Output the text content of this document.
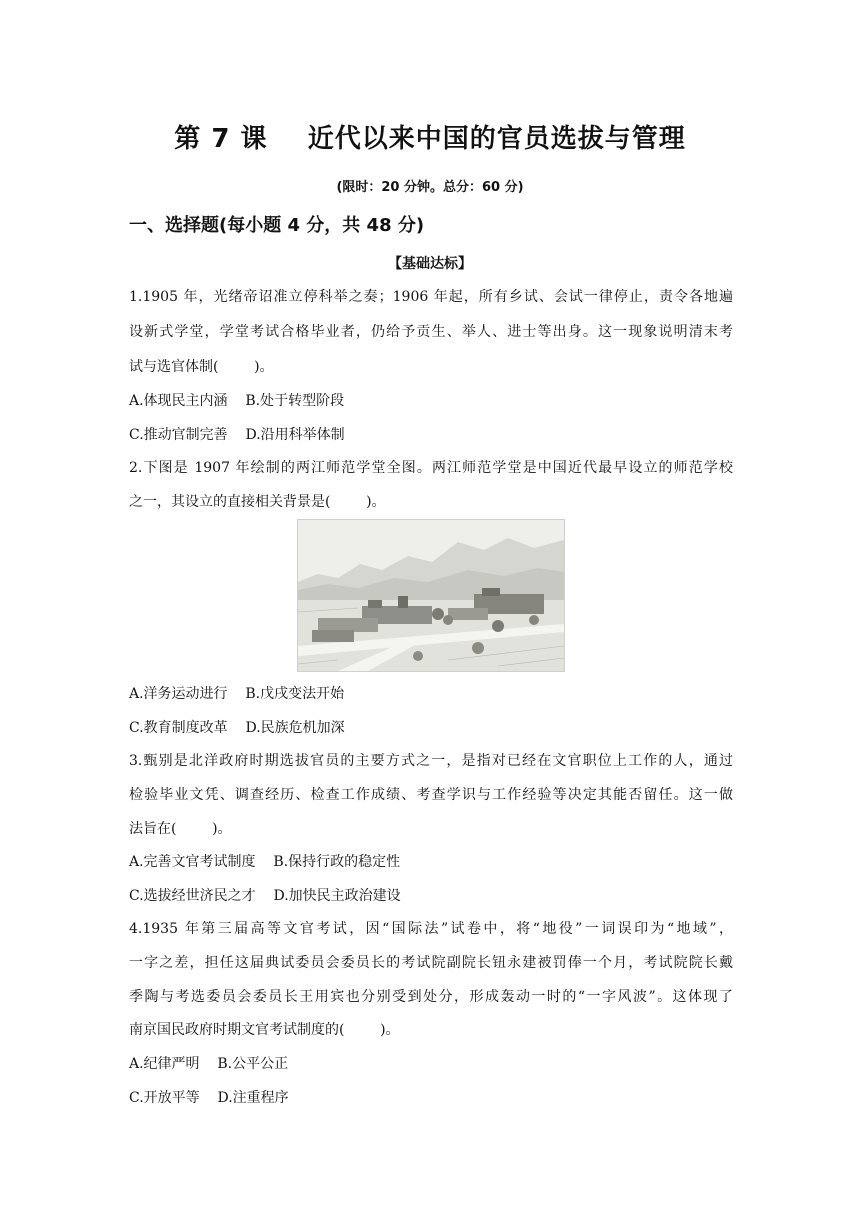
第 7 课    近代以来中国的官员选拔与管理
(限时：20 分钟。总分：60 分)
一、选择题(每小题 4 分，共 48 分)
【基础达标】
1.1905 年，光绪帝诏准立停科举之奏；1906 年起，所有乡试、会试一律停止，责令各地遍
设新式学堂，学堂考试合格毕业者，仍给予贡生、举人、进士等出身。这一现象说明清末考
试与选官体制(        )。
A.体现民主内涵    B.处于转型阶段
C.推动官制完善    D.沿用科举体制
2.下图是 1907 年绘制的两江师范学堂全图。两江师范学堂是中国近代最早设立的师范学校
之一，其设立的直接相关背景是(        )。
A.洋务运动进行    B.戊戌变法开始
C.教育制度改革    D.民族危机加深
3.甄别是北洋政府时期选拔官员的主要方式之一，是指对已经在文官职位上工作的人，通过
检验毕业文凭、调查经历、检查工作成绩、考查学识与工作经验等决定其能否留任。这一做
法旨在(        )。
A.完善文官考试制度    B.保持行政的稳定性
C.选拔经世济民之才    D.加快民主政治建设
4.1935 年第三届高等文官考试，因“国际法”试卷中，将“地役”一词误印为“地域”，
一字之差，担任这届典试委员会委员长的考试院副院长钮永建被罚俸一个月，考试院院长戴
季陶与考选委员会委员长王用宾也分别受到处分，形成轰动一时的“一字风波”。这体现了
南京国民政府时期文官考试制度的(        )。
A.纪律严明    B.公平公正
C.开放平等    D.注重程序
